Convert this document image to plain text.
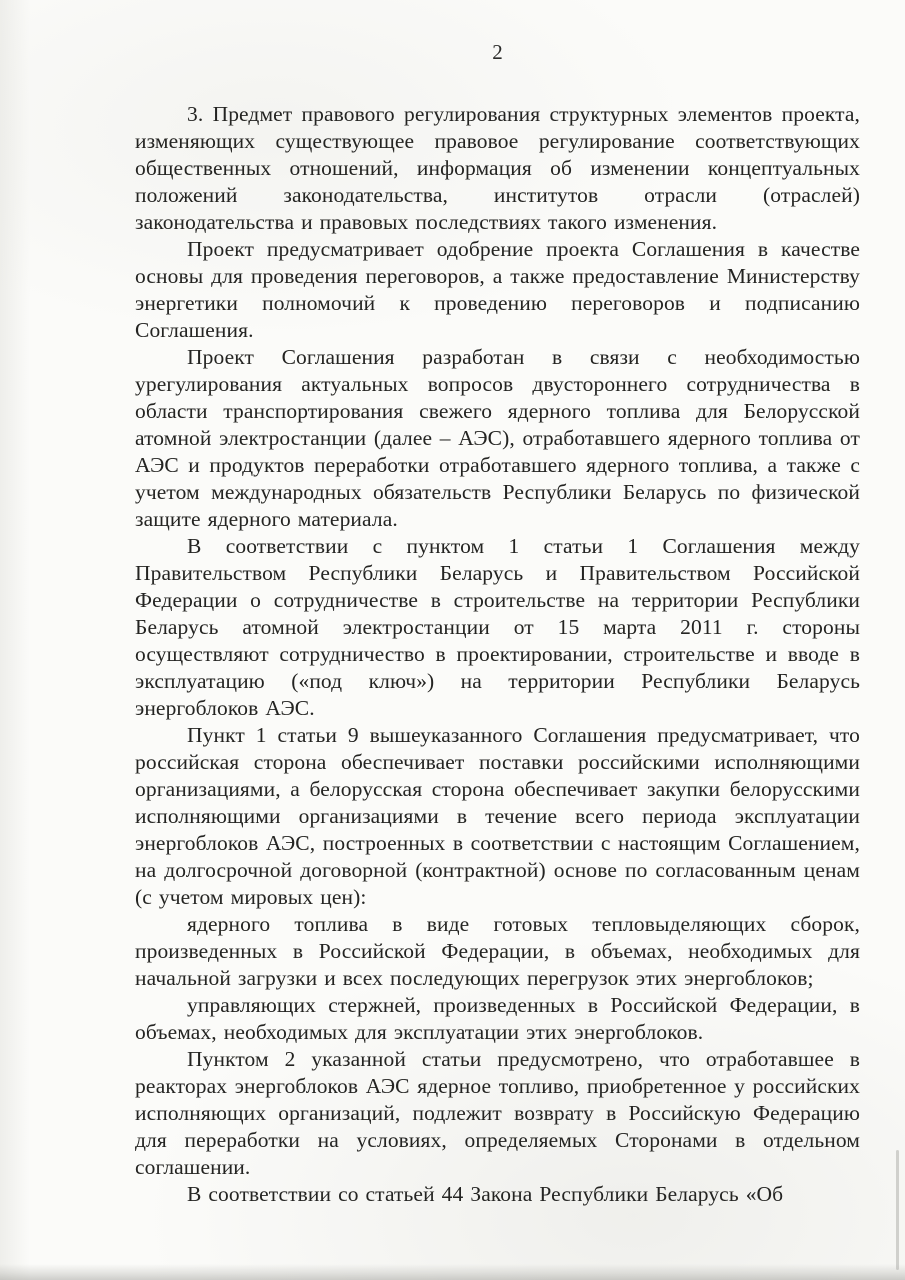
2

3. Предмет правового регулирования структурных элементов проекта, изменяющих существующее правовое регулирование соответствующих общественных отношений, информация об изменении концептуальных положений законодательства, институтов отрасли (отраслей) законодательства и правовых последствиях такого изменения.

Проект предусматривает одобрение проекта Соглашения в качестве основы для проведения переговоров, а также предоставление Министерству энергетики полномочий к проведению переговоров и подписанию Соглашения.

Проект Соглашения разработан в связи с необходимостью урегулирования актуальных вопросов двустороннего сотрудничества в области транспортирования свежего ядерного топлива для Белорусской атомной электростанции (далее – АЭС), отработавшего ядерного топлива от АЭС и продуктов переработки отработавшего ядерного топлива, а также с учетом международных обязательств Республики Беларусь по физической защите ядерного материала.

В соответствии с пунктом 1 статьи 1 Соглашения между Правительством Республики Беларусь и Правительством Российской Федерации о сотрудничестве в строительстве на территории Республики Беларусь атомной электростанции от 15 марта 2011 г. стороны осуществляют сотрудничество в проектировании, строительстве и вводе в эксплуатацию («под ключ») на территории Республики Беларусь энергоблоков АЭС.

Пункт 1 статьи 9 вышеуказанного Соглашения предусматривает, что российская сторона обеспечивает поставки российскими исполняющими организациями, а белорусская сторона обеспечивает закупки белорусскими исполняющими организациями в течение всего периода эксплуатации энергоблоков АЭС, построенных в соответствии с настоящим Соглашением, на долгосрочной договорной (контрактной) основе по согласованным ценам (с учетом мировых цен):

ядерного топлива в виде готовых тепловыделяющих сборок, произведенных в Российской Федерации, в объемах, необходимых для начальной загрузки и всех последующих перегрузок этих энергоблоков;

управляющих стержней, произведенных в Российской Федерации, в объемах, необходимых для эксплуатации этих энергоблоков.

Пунктом 2 указанной статьи предусмотрено, что отработавшее в реакторах энергоблоков АЭС ядерное топливо, приобретенное у российских исполняющих организаций, подлежит возврату в Российскую Федерацию для переработки на условиях, определяемых Сторонами в отдельном соглашении.

В соответствии со статьей 44 Закона Республики Беларусь «Об
